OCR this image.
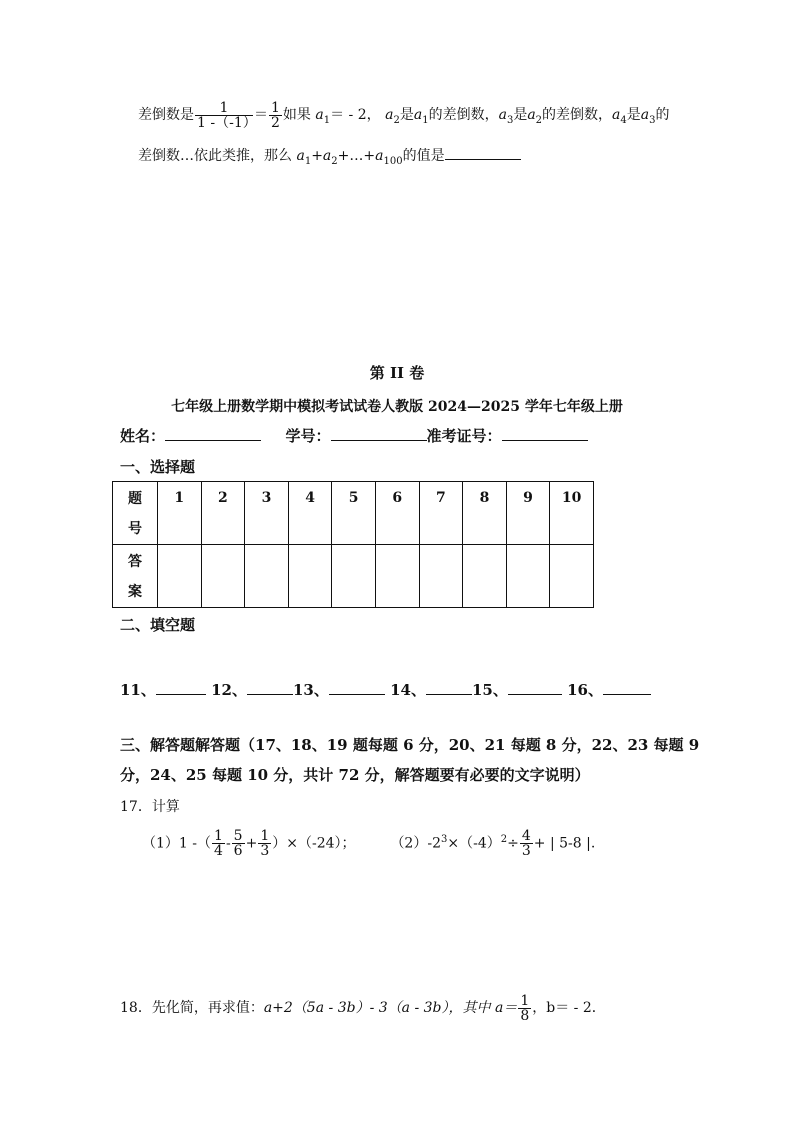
差倒数是 $\frac{1}{1 -(-1)} = \frac{1}{2}$ 如果 $a_1= - 2$， $a_2$是$a_1$的差倒数，$a_3$是$a_2$的差倒数，$a_4$是$a_3$的
差倒数…依此类推，那么 $a_1+a_2+\dots+a_{100}$的值是
第 II 卷
七年级上册数学期中模拟考试试卷人教版 2024—2025 学年七年级上册
姓名：	学号：	准考证号：
一、选择题
题
号	1	2	3	4	5	6	7	8	9	10
答
案										
二、填空题
11、	12、	13、	14、	15、	16、
三、解答题解答题（17、18、19 题每题 6 分，20、21 每题 8 分，22、23 每题 9
分，24、25 每题 10 分，共计 72 分，解答题要有必要的文字说明）
17．计算
（1）1 -（ $\frac{1}{4} - \frac{5}{6} + \frac{1}{3} )\times(-24)$； $(2)-2^3\times(-4)^2\div \frac{4}{3}$ + | 5-8 |.
18．先化简，再求值：a+2（5a - 3b）- 3（a - 3b），其中 $a= \frac{1}{8}$ ，b＝ - 2．
